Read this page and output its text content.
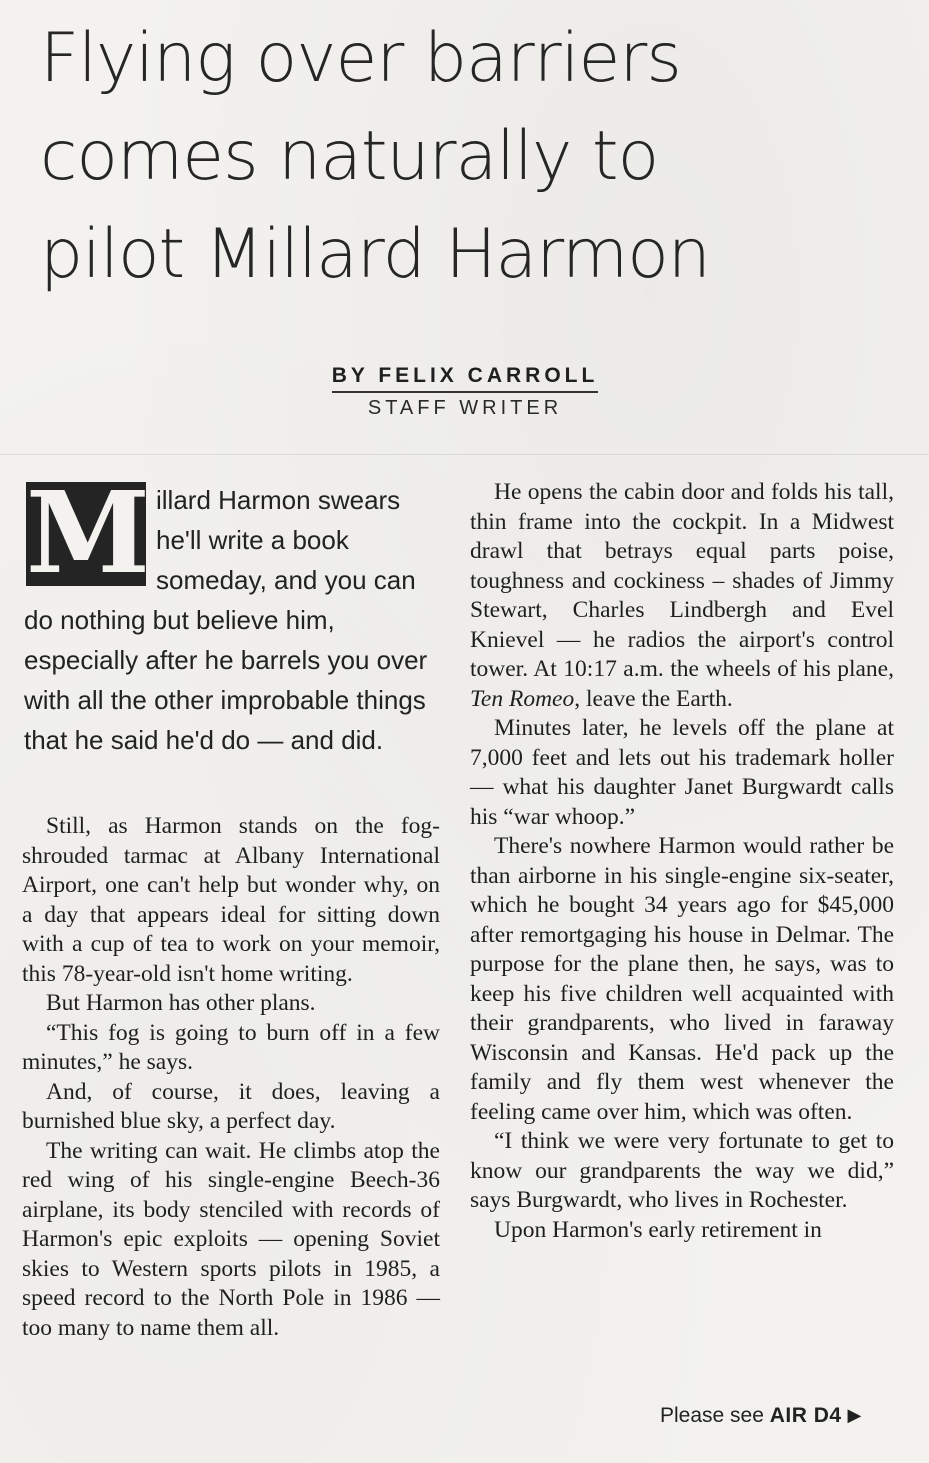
Flying over barriers
comes naturally to
pilot Millard Harmon
BY FELIX CARROLL
STAFF WRITER
M illard Harmon swears he'll write a book someday, and you can do nothing but believe him, especially after he barrels you over with all the other improbable things that he said he'd do — and did.

Still, as Harmon stands on the fog-shrouded tarmac at Albany International Airport, one can't help but wonder why, on a day that appears ideal for sitting down with a cup of tea to work on your memoir, this 78-year-old isn't home writing.

But Harmon has other plans.

“This fog is going to burn off in a few minutes,” he says.

And, of course, it does, leaving a burnished blue sky, a perfect day.

The writing can wait. He climbs atop the red wing of his single-engine Beech-36 airplane, its body stenciled with records of Harmon's epic exploits — opening Soviet skies to Western sports pilots in 1985, a speed record to the North Pole in 1986 — too many to name them all.

He opens the cabin door and folds his tall, thin frame into the cockpit. In a Midwest drawl that betrays equal parts poise, toughness and cockiness – shades of Jimmy Stewart, Charles Lindbergh and Evel Knievel — he radios the airport's control tower. At 10:17 a.m. the wheels of his plane, Ten Romeo, leave the Earth.

Minutes later, he levels off the plane at 7,000 feet and lets out his trademark holler — what his daughter Janet Burgwardt calls his “war whoop.”

There's nowhere Harmon would rather be than airborne in his single-engine six-seater, which he bought 34 years ago for $45,000 after remortgaging his house in Delmar. The purpose for the plane then, he says, was to keep his five children well acquainted with their grandparents, who lived in faraway Wisconsin and Kansas. He'd pack up the family and fly them west whenever the feeling came over him, which was often.

“I think we were very fortunate to get to know our grandparents the way we did,” says Burgwardt, who lives in Rochester.

Upon Harmon's early retirement in

Please see AIR D4 ▶
